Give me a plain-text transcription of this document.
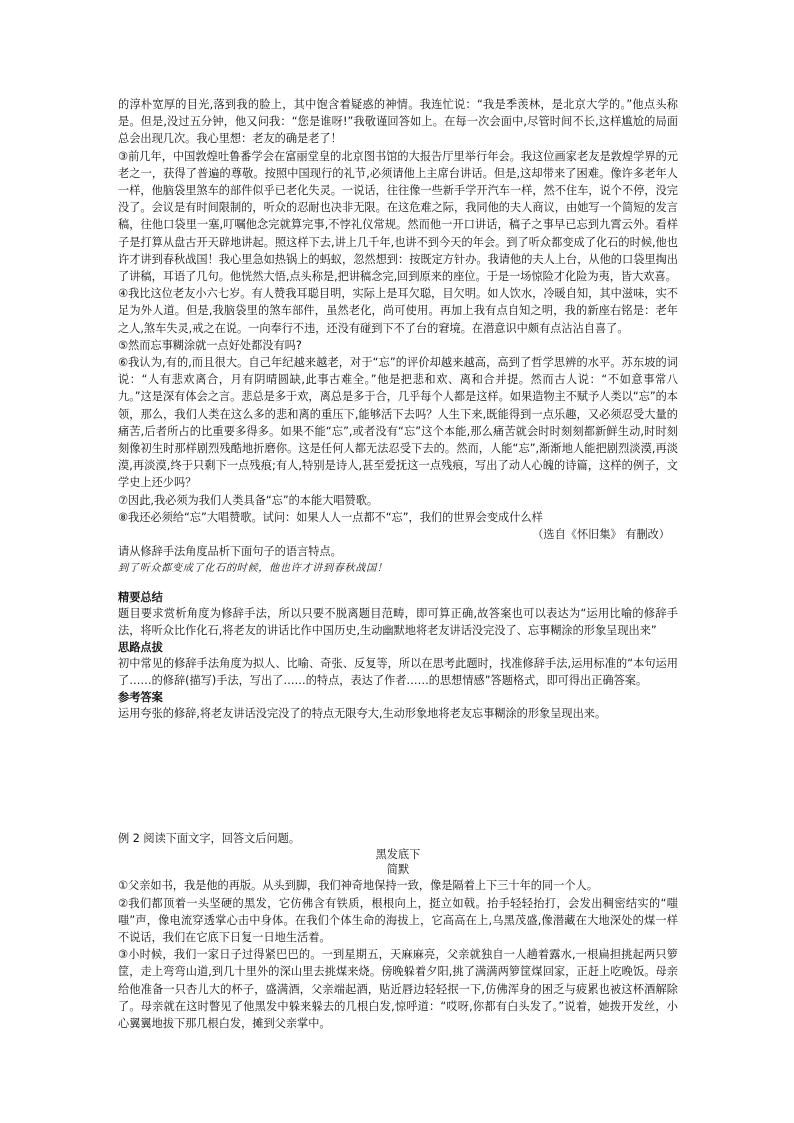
的淳朴宽厚的目光,落到我的脸上，其中饱含着疑惑的神情。我连忙说：“我是季羡林，是北京大学的。”他点头称是。但是,没过五分钟，他又问我：“您是谁呀!”我敬谨回答如上。在每一次会面中,尽管时间不长,这样尴尬的局面总会出现几次。我心里想：老友的确是老了！

③前几年，中国敦煌吐鲁番学会在富丽堂皇的北京图书馆的大报告厅里举行年会。我这位画家老友是敦煌学界的元老之一，获得了普遍的尊敬。按照中国现行的礼节,必须请他上主席台讲话。但是,这却带来了困难。像许多老年人一样，他脑袋里煞车的部件似乎已老化失灵。一说话，往往像一些新手学开汽车一样，然不住车，说个不停，没完没了。会议是有时间限制的，听众的忍耐也决非无限。在这危难之际，我同他的夫人商议，由她写一个简短的发言稿，往他口袋里一塞,叮嘱他念完就算完事,不悖礼仪常规。然而他一开口讲话，稿子之事早已忘到九霄云外。看样子是打算从盘古开天辟地讲起。照这样下去,讲上几千年,也讲不到今天的年会。到了听众都变成了化石的时候,他也许才讲到春秋战国！我心里急如热锅上的蚂蚁，忽然想到：按既定方针办。我请他的夫人上台，从他的口袋里掏出了讲稿，耳语了几句。他恍然大悟,点头称是,把讲稿念完,回到原来的座位。于是一场惊险才化险为夷，皆大欢喜。

④我比这位老友小六七岁。有人赞我耳聪目明，实际上是耳欠聪，目欠明。如人饮水，冷暖自知，其中滋味，实不足为外人道。但是,我脑袋里的煞车部件，虽然老化，尚可使用。再加上我有点自知之明，我的新座右铭是：老年之人,煞车失灵,戒之在说。一向奉行不违，还没有碰到下不了台的窘境。在潜意识中颇有点沾沾自喜了。

⑤然而忘事糊涂就一点好处都没有吗?

⑥我认为,有的,而且很大。自己年纪越来越老，对于“忘”的评价却越来越高，高到了哲学思辨的水平。苏东坡的词说：“人有悲欢离合，月有阴晴圆缺,此事古难全。”他是把悲和欢、离和合并提。然而古人说：“不如意事常八九。”这是深有体会之言。悲总是多于欢，离总是多于合，几乎每个人都是这样。如果造物主不赋予人类以“忘”的本领，那么，我们人类在这么多的悲和离的重压下,能够活下去吗？人生下来,既能得到一点乐趣，又必须忍受大量的痛苦,后者所占的比重要多得多。如果不能“忘”,或者没有“忘”这个本能,那么痛苦就会时时刻刻都新鲜生动,时时刻刻像初生时那样剧烈残酷地折磨你。这是任何人都无法忍受下去的。然而，人能“忘”,渐渐地人能把剧烈淡漠,再淡漠,再淡漠,终于只剩下一点残痕;有人,特别是诗人,甚至爱抚这一点残痕，写出了动人心魄的诗篇，这样的例子，文学史上还少吗？

⑦因此,我必须为我们人类具备“忘”的本能大唱赞歌。

⑧我还必须给“忘”大唱赞歌。试问：如果人人一点都不“忘”，我们的世界会变成什么样

（选自《怀旧集》 有删改）

请从修辞手法角度品析下面句子的语言特点。

到了听众都变成了化石的时候，他也许才讲到春秋战国！

精要总结

题目要求赏析角度为修辞手法，所以只要不脱离题目范畴，即可算正确,故答案也可以表达为“运用比喻的修辞手法，将听众比作化石,将老友的讲话比作中国历史,生动幽默地将老友讲话没完没了、忘事糊涂的形象呈现出来”

思路点拔

初中常见的修辞手法角度为拟人、比喻、奇张、反复等，所以在思考此题时，找准修辞手法,运用标准的“本句运用了……的修辞(描写)手法，写出了……的特点，表达了作者……的思想情感”答题格式，即可得出正确答案。

参考答案

运用夸张的修辞,将老友讲话没完没了的特点无限夸大,生动形象地将老友忘事糊涂的形象呈现出来。

例 2 阅读下面文字，回答文后问题。

黑发底下

简默

①父亲如书，我是他的再版。从头到脚，我们神奇地保持一致，像是隔着上下三十年的同一个人。

②我们都顶着一头坚硬的黑发，它仿佛含有铁质，根根向上，挺立如戟。抬手轻轻抬打，会发出稠密结实的“嗤嗤”声，像电流穿透掌心击中身体。在我们个体生命的海拔上，它高高在上,乌黑茂盛,像潜藏在大地深处的煤一样不说话，我们在它底下日复一日地生活着。

③小时候，我们一家日子过得紧巴巴的。一到星期五，天麻麻亮，父亲就独自一人趟着露水,一根扁担挑起两只箩筐，走上弯弯山道,到几十里外的深山里去挑煤来烧。傍晚躲着夕阳,挑了满满两箩筐煤回家，正赶上吃晚饭。母亲给他准备一只杏儿大的杯子，盛满酒，父亲端起酒，贴近唇边轻轻抿一下,仿佛浑身的困乏与疲累也被这杯酒解除了。母亲就在这时瞥见了他黑发中躲来躲去的几根白发,惊呼道：“哎呀,你都有白头发了。”说着，她拨开发丝，小心翼翼地拔下那几根白发，摊到父亲掌中。
